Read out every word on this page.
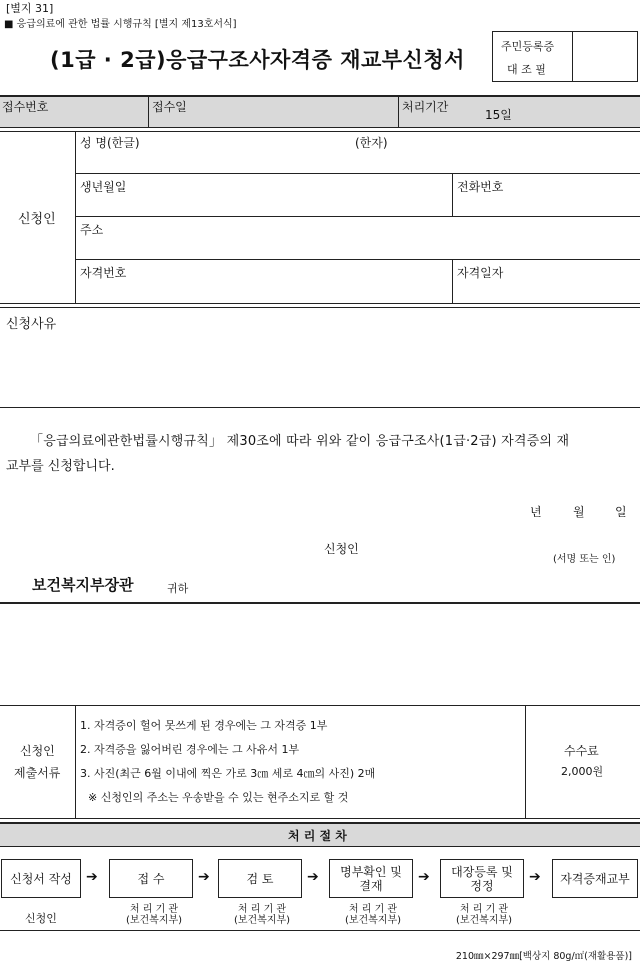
[별지 31]
■ 응급의료에 관한 법률 시행규칙 [별지 제13호서식]
(1급 · 2급)응급구조사자격증 재교부신청서
주민등록증
대 조 필
접수번호	접수일	처리기간
15일
신청인
성 명(한글)	(한자)
생년월일	전화번호
주소
자격번호	자격일자
신청사유
「응급의료에관한법률시행규칙」 제30조에 따라 위와 같이 응급구조사(1급·2급) 자격증의 재
교부를 신청합니다.
년	월	일
신청인
(서명 또는 인)
보건복지부장관	귀하
신청인
제출서류
1. 자격증이 헐어 못쓰게 된 경우에는 그 자격증 1부
2. 자격증을 잃어버린 경우에는 그 사유서 1부
3. 사진(최근 6월 이내에 찍은 가로 3㎝ 세로 4㎝의 사진) 2매
※ 신청인의 주소는 우송받을 수 있는 현주소지로 할 것
수수료
2,000원
처 리 절 차
신청서 작성	➔	접 수	➔	검 토	➔ 명부확인 및
결재
➔ 대장등록 및
정정
➔	자격증재교부
신청인
처 리 기 관
(보건복지부)
처 리 기 관
(보건복지부)
처 리 기 관
(보건복지부)
처 리 기 관
(보건복지부)
210㎜×297㎜[백상지 80g/㎡(재활용품)]
